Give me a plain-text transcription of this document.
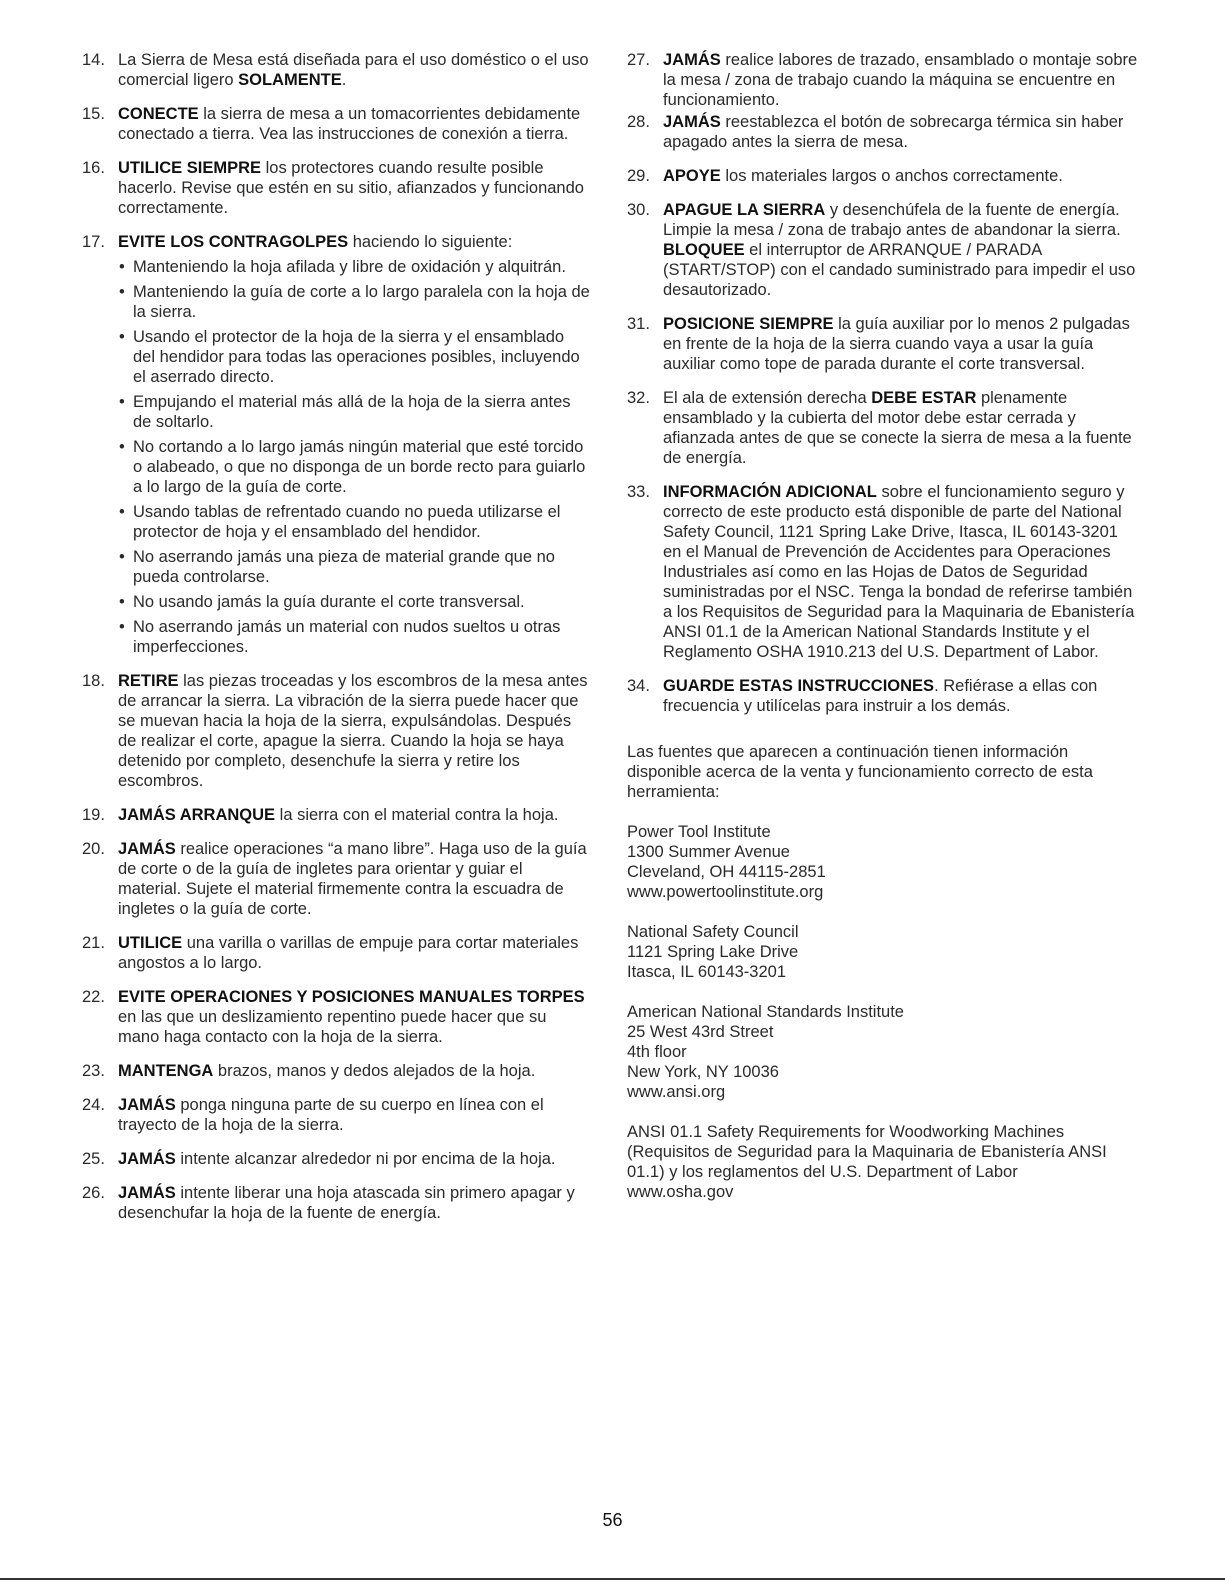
14. La Sierra de Mesa está diseñada para el uso doméstico o el uso comercial ligero SOLAMENTE.
15. CONECTE la sierra de mesa a un tomacorrientes debidamente conectado a tierra. Vea las instrucciones de conexión a tierra.
16. UTILICE SIEMPRE los protectores cuando resulte posible hacerlo. Revise que estén en su sitio, afianzados y funcionando correctamente.
17. EVITE LOS CONTRAGOLPES haciendo lo siguiente:
• Manteniendo la hoja afilada y libre de oxidación y alquitrán.
• Manteniendo la guía de corte a lo largo paralela con la hoja de la sierra.
• Usando el protector de la hoja de la sierra y el ensamblado del hendidor para todas las operaciones posibles, incluyendo el aserrado directo.
• Empujando el material más allá de la hoja de la sierra antes de soltarlo.
• No cortando a lo largo jamás ningún material que esté torcido o alabeado, o que no disponga de un borde recto para guiarlo a lo largo de la guía de corte.
• Usando tablas de refrentado cuando no pueda utilizarse el protector de hoja y el ensamblado del hendidor.
• No aserrando jamás una pieza de material grande que no pueda controlarse.
• No usando jamás la guía durante el corte transversal.
• No aserrando jamás un material con nudos sueltos u otras imperfecciones.
18. RETIRE las piezas troceadas y los escombros de la mesa antes de arrancar la sierra. La vibración de la sierra puede hacer que se muevan hacia la hoja de la sierra, expulsándolas. Después de realizar el corte, apague la sierra. Cuando la hoja se haya detenido por completo, desenchufe la sierra y retire los escombros.
19. JAMÁS ARRANQUE la sierra con el material contra la hoja.
20. JAMÁS realice operaciones “a mano libre”. Haga uso de la guía de corte o de la guía de ingletes para orientar y guiar el material. Sujete el material firmemente contra la escuadra de ingletes o la guía de corte.
21. UTILICE una varilla o varillas de empuje para cortar materiales angostos a lo largo.
22. EVITE OPERACIONES Y POSICIONES MANUALES TORPES en las que un deslizamiento repentino puede hacer que su mano haga contacto con la hoja de la sierra.
23. MANTENGA brazos, manos y dedos alejados de la hoja.
24. JAMÁS ponga ninguna parte de su cuerpo en línea con el trayecto de la hoja de la sierra.
25. JAMÁS intente alcanzar alrededor ni por encima de la hoja.
26. JAMÁS intente liberar una hoja atascada sin primero apagar y desenchufar la hoja de la fuente de energía.
27. JAMÁS realice labores de trazado, ensamblado o montaje sobre la mesa / zona de trabajo cuando la máquina se encuentre en funcionamiento.
28. JAMÁS reestablezca el botón de sobrecarga térmica sin haber apagado antes la sierra de mesa.
29. APOYE los materiales largos o anchos correctamente.
30. APAGUE LA SIERRA y desenchúfela de la fuente de energía. Limpie la mesa / zona de trabajo antes de abandonar la sierra. BLOQUEE el interruptor de ARRANQUE / PARADA (START/STOP) con el candado suministrado para impedir el uso desautorizado.
31. POSICIONE SIEMPRE la guía auxiliar por lo menos 2 pulgadas en frente de la hoja de la sierra cuando vaya a usar la guía auxiliar como tope de parada durante el corte transversal.
32. El ala de extensión derecha DEBE ESTAR plenamente ensamblado y la cubierta del motor debe estar cerrada y afianzada antes de que se conecte la sierra de mesa a la fuente de energía.
33. INFORMACIÓN ADICIONAL sobre el funcionamiento seguro y correcto de este producto está disponible de parte del National Safety Council, 1121 Spring Lake Drive, Itasca, IL 60143-3201 en el Manual de Prevención de Accidentes para Operaciones Industriales así como en las Hojas de Datos de Seguridad suministradas por el NSC. Tenga la bondad de referirse también a los Requisitos de Seguridad para la Maquinaria de Ebanistería ANSI 01.1 de la American National Standards Institute y el Reglamento OSHA 1910.213 del U.S. Department of Labor.
34. GUARDE ESTAS INSTRUCCIONES. Refiérase a ellas con frecuencia y utilícelas para instruir a los demás.

Las fuentes que aparecen a continuación tienen información disponible acerca de la venta y funcionamiento correcto de esta herramienta:

Power Tool Institute
1300 Summer Avenue
Cleveland, OH 44115-2851
www.powertoolinstitute.org
National Safety Council
1121 Spring Lake Drive
Itasca, IL 60143-3201
American National Standards Institute
25 West 43rd Street
4th floor
New York, NY 10036
www.ansi.org
ANSI 01.1 Safety Requirements for Woodworking Machines (Requisitos de Seguridad para la Maquinaria de Ebanistería ANSI 01.1) y los reglamentos del U.S. Department of Labor
www.osha.gov
56
